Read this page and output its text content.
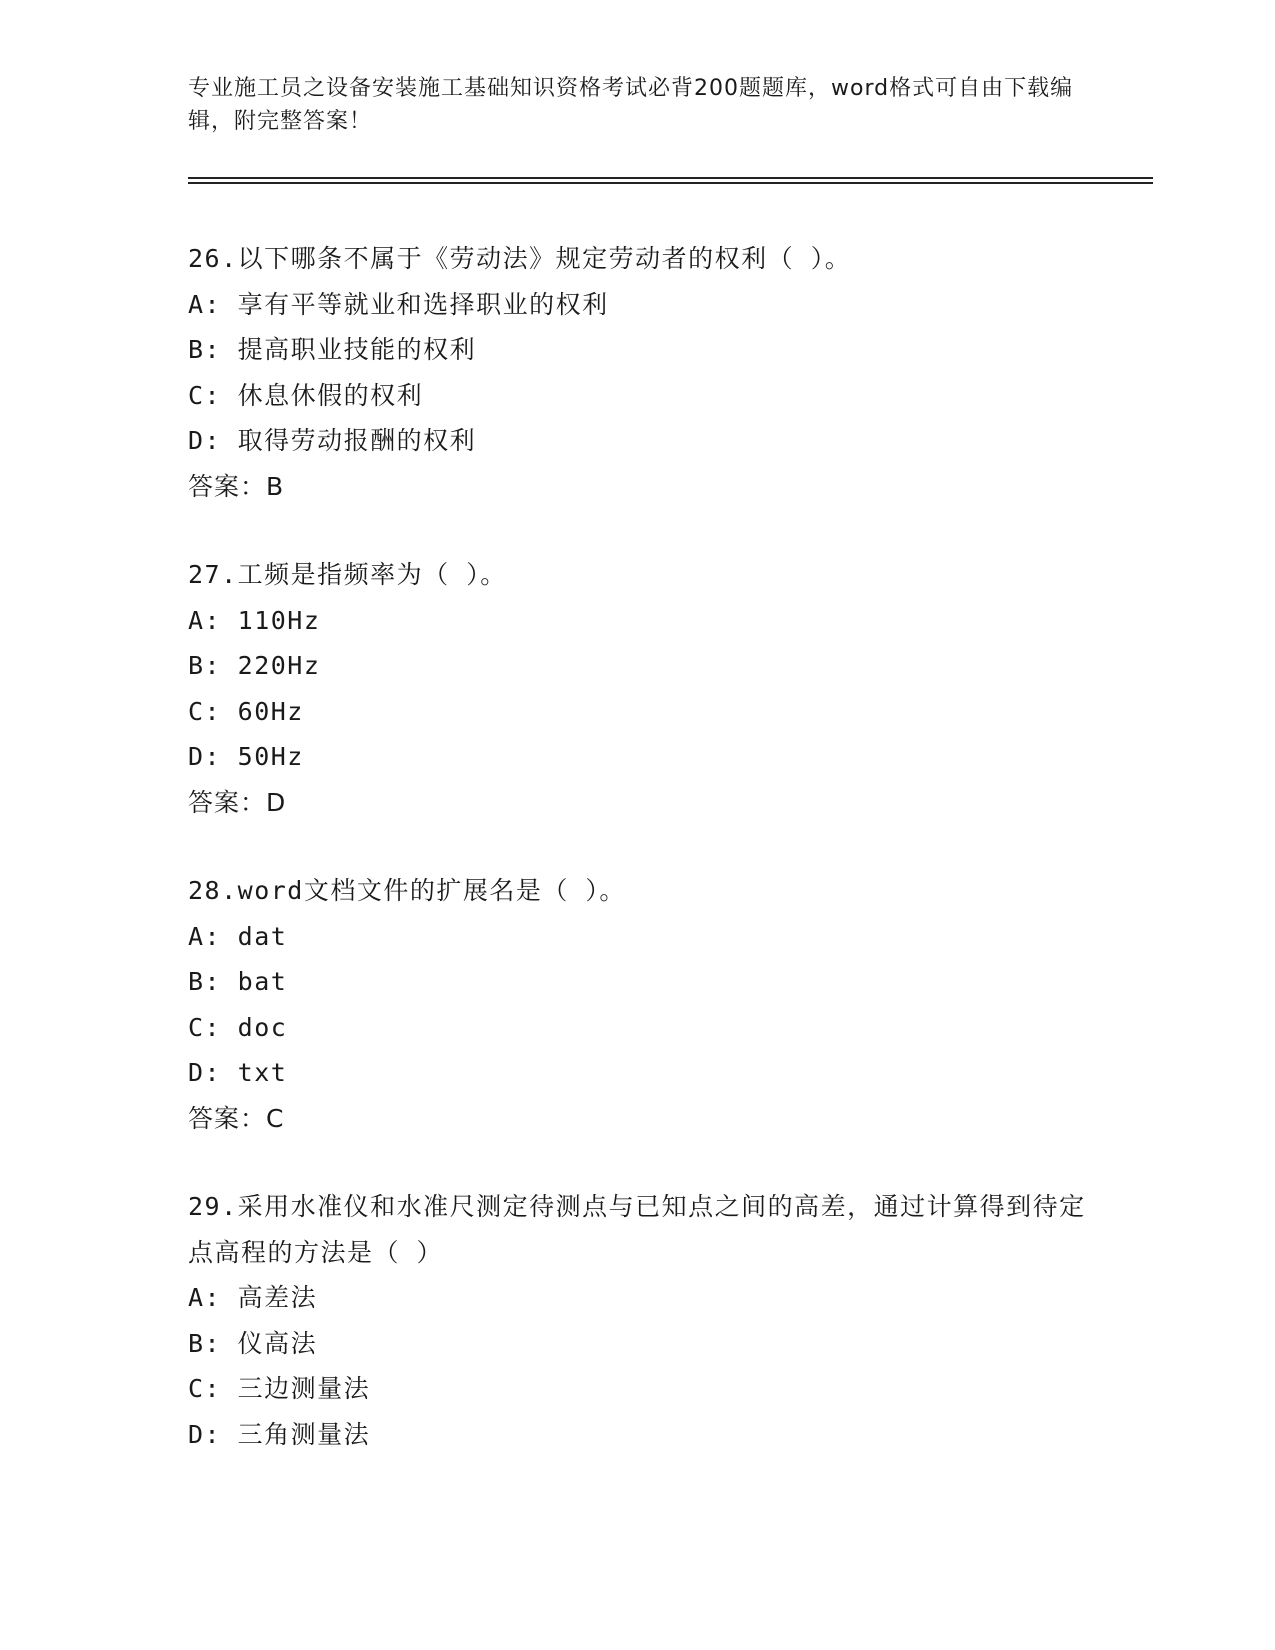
专业施工员之设备安装施工基础知识资格考试必背200题题库，word格式可自由下载编辑，附完整答案！
26.以下哪条不属于《劳动法》规定劳动者的权利（ ）。
A: 享有平等就业和选择职业的权利
B: 提高职业技能的权利
C: 休息休假的权利
D: 取得劳动报酬的权利
答案：B
27.工频是指频率为（ ）。
A: 110Hz
B: 220Hz
C: 60Hz
D: 50Hz
答案：D
28.word文档文件的扩展名是（ ）。
A: dat
B: bat
C: doc
D: txt
答案：C
29.采用水准仪和水准尺测定待测点与已知点之间的高差，通过计算得到待定点高程的方法是（ ）
A: 高差法
B: 仪高法
C: 三边测量法
D: 三角测量法
